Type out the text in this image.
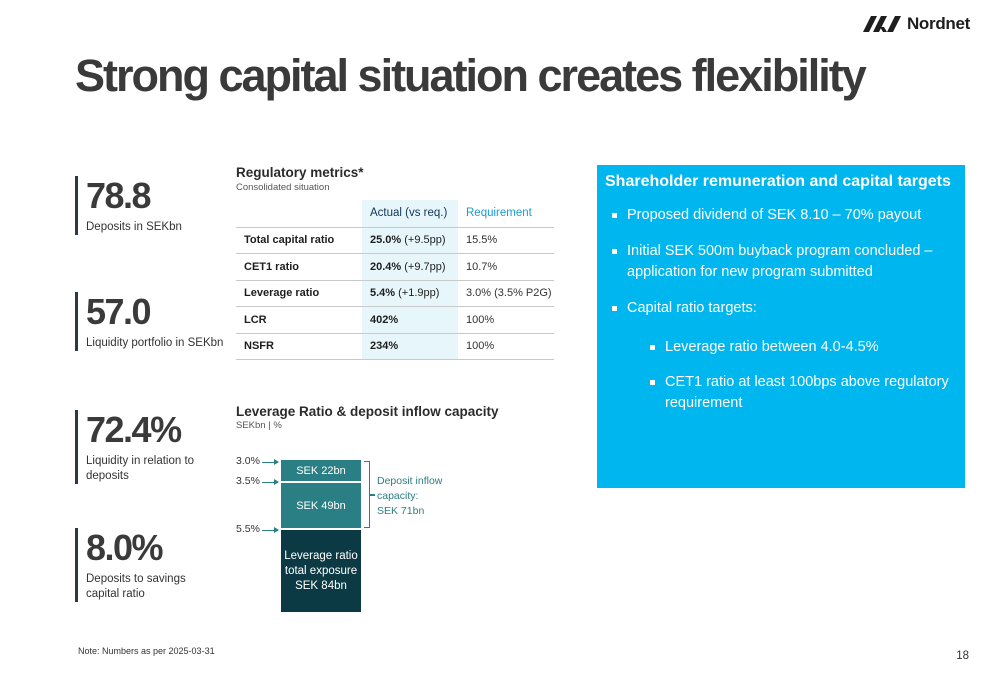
Nordnet
Strong capital situation creates flexibility
78.8
Deposits in SEKbn
57.0
Liquidity portfolio in SEKbn
72.4%
Liquidity in relation to
deposits
8.0%
Deposits to savings
capital ratio
Regulatory metrics*
Consolidated situation
	Actual (vs req.)	Requirement
Total capital ratio	25.0% (+9.5pp)	15.5%
CET1 ratio	20.4% (+9.7pp)	10.7%
Leverage ratio	5.4% (+1.9pp)	3.0% (3.5% P2G)
LCR	402%	100%
NSFR	234%	100%
Leverage Ratio & deposit inflow capacity
SEKbn | %
3.0%
3.5%
5.5%
SEK 22bn
SEK 49bn
Leverage ratio
total exposure
SEK 84bn
Deposit inflow
capacity:
SEK 71bn
Shareholder remuneration and capital targets
Proposed dividend of SEK 8.10 – 70% payout
Initial SEK 500m buyback program concluded – application for new program submitted
Capital ratio targets:
Leverage ratio between 4.0-4.5%
CET1 ratio at least 100bps above regulatory requirement
Note: Numbers as per 2025-03-31	18
